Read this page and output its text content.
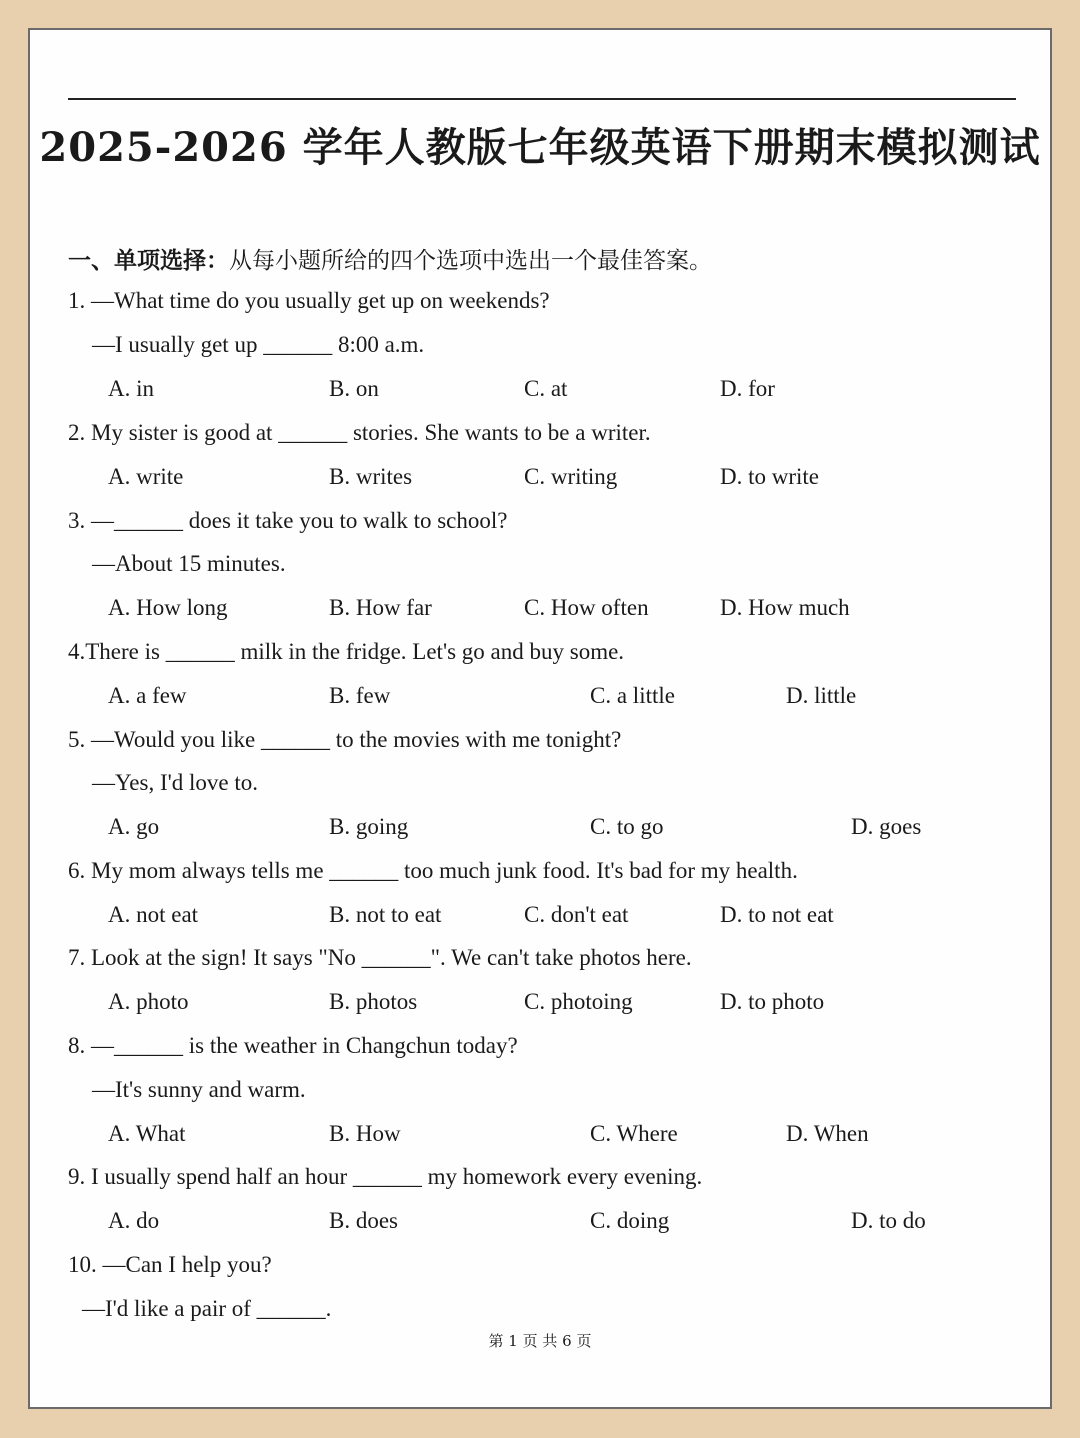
2025-2026 学年人教版七年级英语下册期末模拟测试
一、单项选择：从每小题所给的四个选项中选出一个最佳答案。
1. —What time do you usually get up on weekends?
—I usually get up ______ 8:00 a.m.
A. in	B. on	C. at	D. for
2. My sister is good at ______ stories. She wants to be a writer.
A. write	B. writes	C. writing	D. to write
3. —______ does it take you to walk to school?
—About 15 minutes.
A. How long	B. How far	C. How often	D. How much
4.There is ______ milk in the fridge. Let's go and buy some.
A. a few	B. few	C. a little	D. little
5. —Would you like ______ to the movies with me tonight?
—Yes, I'd love to.
A. go	B. going	C. to go	D. goes
6. My mom always tells me ______ too much junk food. It's bad for my health.
A. not eat	B. not to eat	C. don't eat	D. to not eat
7. Look at the sign! It says "No ______". We can't take photos here.
A. photo	B. photos	C. photoing	D. to photo
8. —______ is the weather in Changchun today?
—It's sunny and warm.
A. What	B. How	C. Where	D. When
9. I usually spend half an hour ______ my homework every evening.
A. do	B. does	C. doing	D. to do
10. —Can I help you?
—I'd like a pair of ______.
第 1 页 共 6 页
